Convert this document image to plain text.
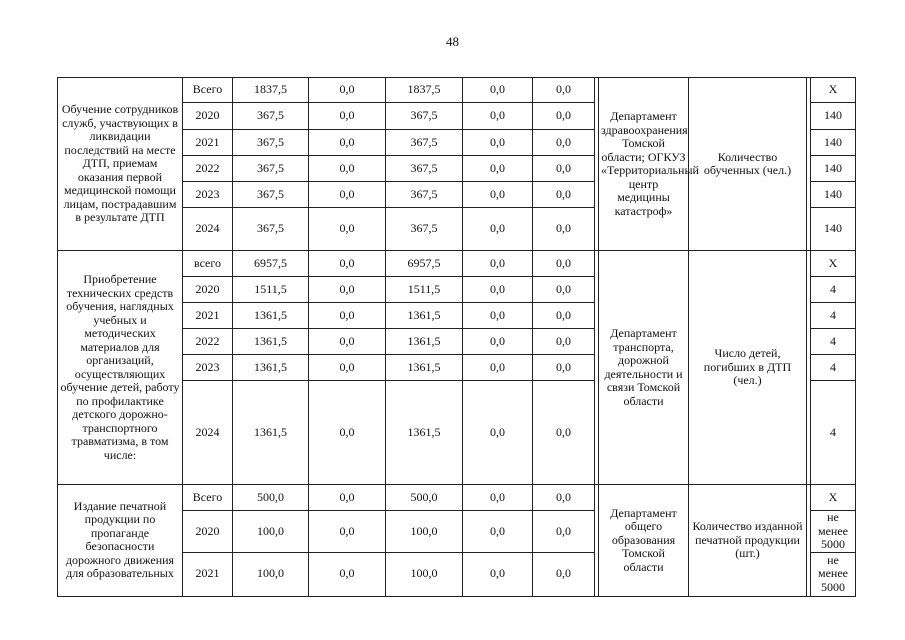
48
Обучение сотрудников служб, участвующих в ликвидации последствий на месте ДТП, приемам оказания первой медицинской помощи лицам, пострадавшим в результате ДТП	Всего	1837,5	0,0	1837,5	0,0	0,0		Департамент здравоохранения Томской области; ОГКУЗ «Территориальный центр медицины катастроф»	Количество обученных (чел.)		Х
	2020	367,5	0,0	367,5	0,0	0,0					140
	2021	367,5	0,0	367,5	0,0	0,0					140
	2022	367,5	0,0	367,5	0,0	0,0					140
	2023	367,5	0,0	367,5	0,0	0,0					140
	2024	367,5	0,0	367,5	0,0	0,0					140
Приобретение технических средств обучения, наглядных учебных и методических материалов для организаций, осуществляющих обучение детей, работу по профилактике детского дорожно-транспортного травматизма, в том числе:	всего	6957,5	0,0	6957,5	0,0	0,0		Департамент транспорта, дорожной деятельности и связи Томской области	Число детей, погибших в ДТП (чел.)		Х
	2020	1511,5	0,0	1511,5	0,0	0,0					4
	2021	1361,5	0,0	1361,5	0,0	0,0					4
	2022	1361,5	0,0	1361,5	0,0	0,0					4
	2023	1361,5	0,0	1361,5	0,0	0,0					4
	2024	1361,5	0,0	1361,5	0,0	0,0					4
Издание печатной продукции по пропаганде безопасности дорожного движения для образовательных	Всего	500,0	0,0	500,0	0,0	0,0		Департамент общего образования Томской области	Количество изданной печатной продукции (шт.)		Х
	2020	100,0	0,0	100,0	0,0	0,0					не менее 5000
	2021	100,0	0,0	100,0	0,0	0,0					не менее 5000
